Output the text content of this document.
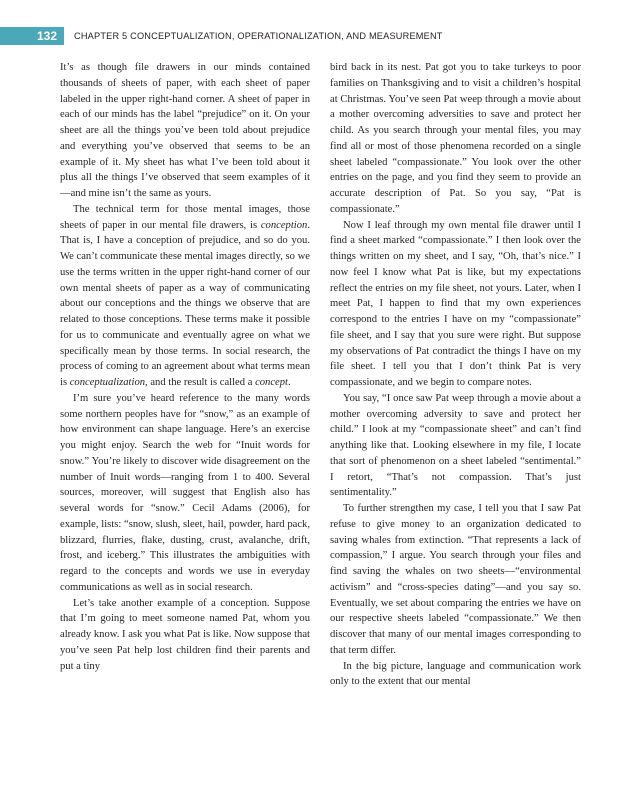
132	CHAPTER 5 CONCEPTUALIZATION, OPERATIONALIZATION, AND MEASUREMENT

It’s as though file drawers in our minds contained thousands of sheets of paper, with each sheet of paper labeled in the upper right-hand corner. A sheet of paper in each of our minds has the label “prejudice” on it. On your sheet are all the things you’ve been told about prejudice and everything you’ve observed that seems to be an example of it. My sheet has what I’ve been told about it plus all the things I’ve observed that seem examples of it—and mine isn’t the same as yours.

The technical term for those mental images, those sheets of paper in our mental file drawers, is conception. That is, I have a conception of prejudice, and so do you. We can’t communicate these mental images directly, so we use the terms written in the upper right-hand corner of our own mental sheets of paper as a way of communicating about our conceptions and the things we observe that are related to those conceptions. These terms make it possible for us to communicate and eventually agree on what we specifically mean by those terms. In social research, the process of coming to an agreement about what terms mean is conceptualization, and the result is called a concept.

I’m sure you’ve heard reference to the many words some northern peoples have for “snow,” as an example of how environment can shape language. Here’s an exercise you might enjoy. Search the web for “Inuit words for snow.” You’re likely to discover wide disagreement on the number of Inuit words—ranging from 1 to 400. Several sources, moreover, will suggest that English also has several words for “snow.” Cecil Adams (2006), for example, lists: “snow, slush, sleet, hail, powder, hard pack, blizzard, flurries, flake, dusting, crust, avalanche, drift, frost, and iceberg.” This illustrates the ambiguities with regard to the concepts and words we use in everyday communications as well as in social research.

Let’s take another example of a conception. Suppose that I’m going to meet someone named Pat, whom you already know. I ask you what Pat is like. Now suppose that you’ve seen Pat help lost children find their parents and put a tiny

bird back in its nest. Pat got you to take turkeys to poor families on Thanksgiving and to visit a children’s hospital at Christmas. You’ve seen Pat weep through a movie about a mother overcoming adversities to save and protect her child. As you search through your mental files, you may find all or most of those phenomena recorded on a single sheet labeled “compassionate.” You look over the other entries on the page, and you find they seem to provide an accurate description of Pat. So you say, “Pat is compassionate.”

Now I leaf through my own mental file drawer until I find a sheet marked “compassionate.” I then look over the things written on my sheet, and I say, “Oh, that’s nice.” I now feel I know what Pat is like, but my expectations reflect the entries on my file sheet, not yours. Later, when I meet Pat, I happen to find that my own experiences correspond to the entries I have on my “compassionate” file sheet, and I say that you sure were right. But suppose my observations of Pat contradict the things I have on my file sheet. I tell you that I don’t think Pat is very compassionate, and we begin to compare notes.

You say, “I once saw Pat weep through a movie about a mother overcoming adversity to save and protect her child.” I look at my “compassionate sheet” and can’t find anything like that. Looking elsewhere in my file, I locate that sort of phenomenon on a sheet labeled “sentimental.” I retort, “That’s not compassion. That’s just sentimentality.”

To further strengthen my case, I tell you that I saw Pat refuse to give money to an organization dedicated to saving whales from extinction. “That represents a lack of compassion,” I argue. You search through your files and find saving the whales on two sheets—“environmental activism” and “cross-species dating”—and you say so. Eventually, we set about comparing the entries we have on our respective sheets labeled “compassionate.” We then discover that many of our mental images corresponding to that term differ.

In the big picture, language and communication work only to the extent that our mental
